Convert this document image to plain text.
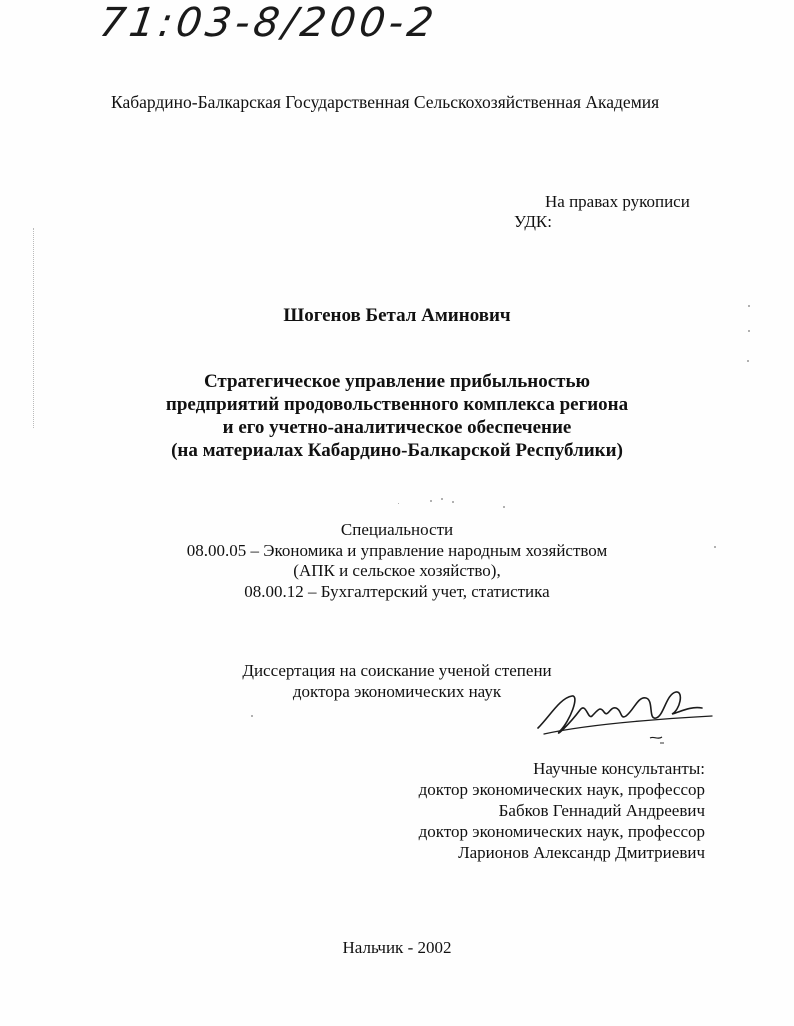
71:03-8/200-2
Кабардино-Балкарская Государственная Сельскохозяйственная Академия
На правах рукописи
УДК:
Шогенов Бетал Аминович
Стратегическое управление прибыльностью
предприятий продовольственного комплекса региона
и его учетно-аналитическое обеспечение
(на материалах Кабардино-Балкарской Республики)
Специальности
08.00.05 – Экономика и управление народным хозяйством
(АПК и сельское хозяйство),
08.00.12 – Бухгалтерский учет, статистика
Диссертация на соискание ученой степени
доктора экономических наук
Научные консультанты:
доктор экономических наук, профессор
Бабков Геннадий Андреевич
доктор экономических наук, профессор
Ларионов Александр Дмитриевич
Нальчик - 2002
